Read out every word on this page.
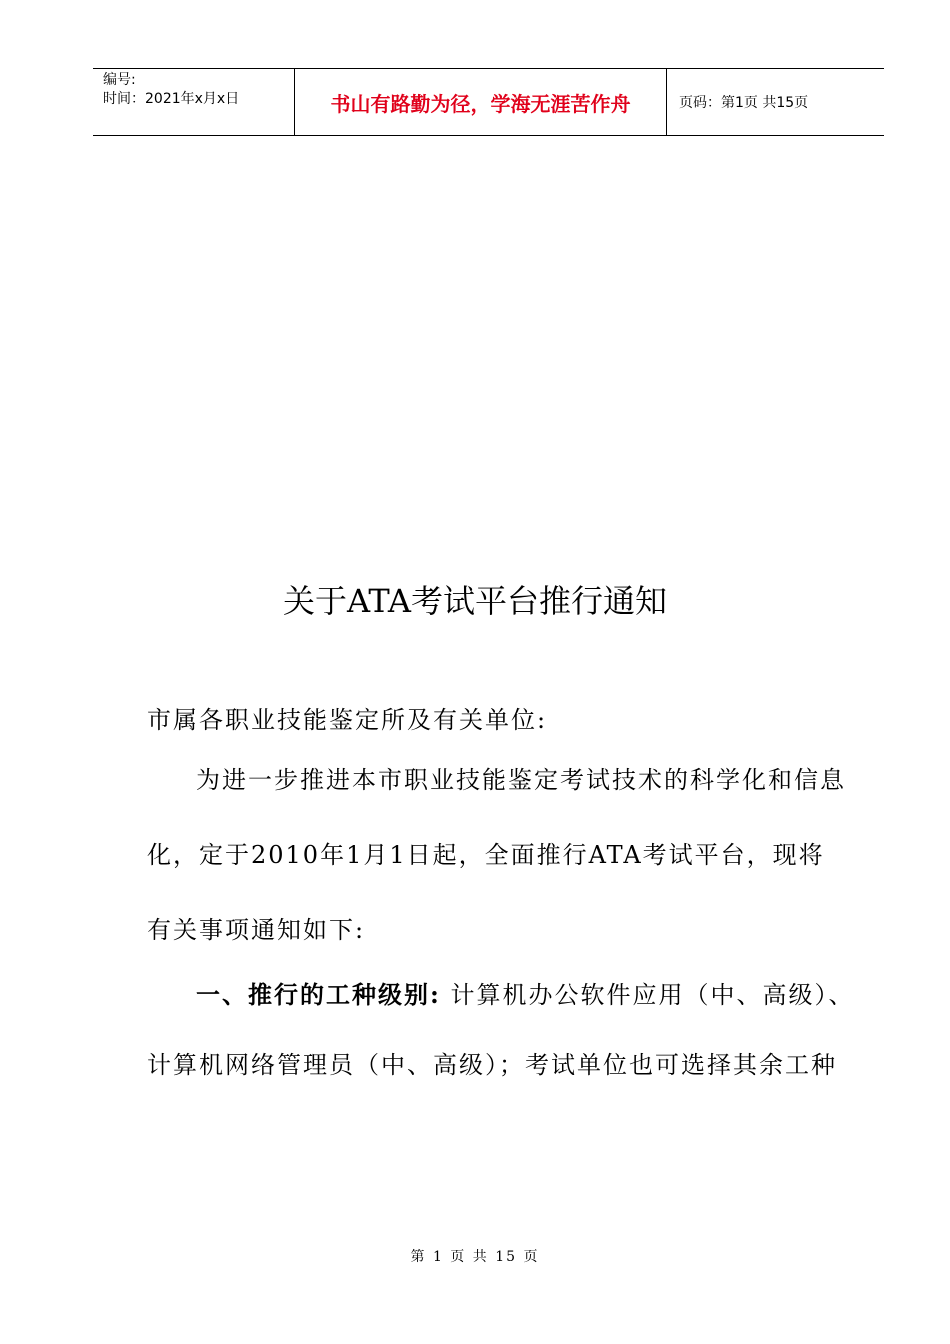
编号:
时间：2021年x月x日	书山有路勤为径，学海无涯苦作舟	页码：第1页 共15页
关于ATA考试平台推行通知
市属各职业技能鉴定所及有关单位:
为进一步推进本市职业技能鉴定考试技术的科学化和信息
化，定于2010年1月1日起，全面推行ATA考试平台，现将
有关事项通知如下:
一、推行的工种级别: 计算机办公软件应用（中、高级）、
计算机网络管理员（中、高级）；考试单位也可选择其余工种
第 1 页 共 15 页
